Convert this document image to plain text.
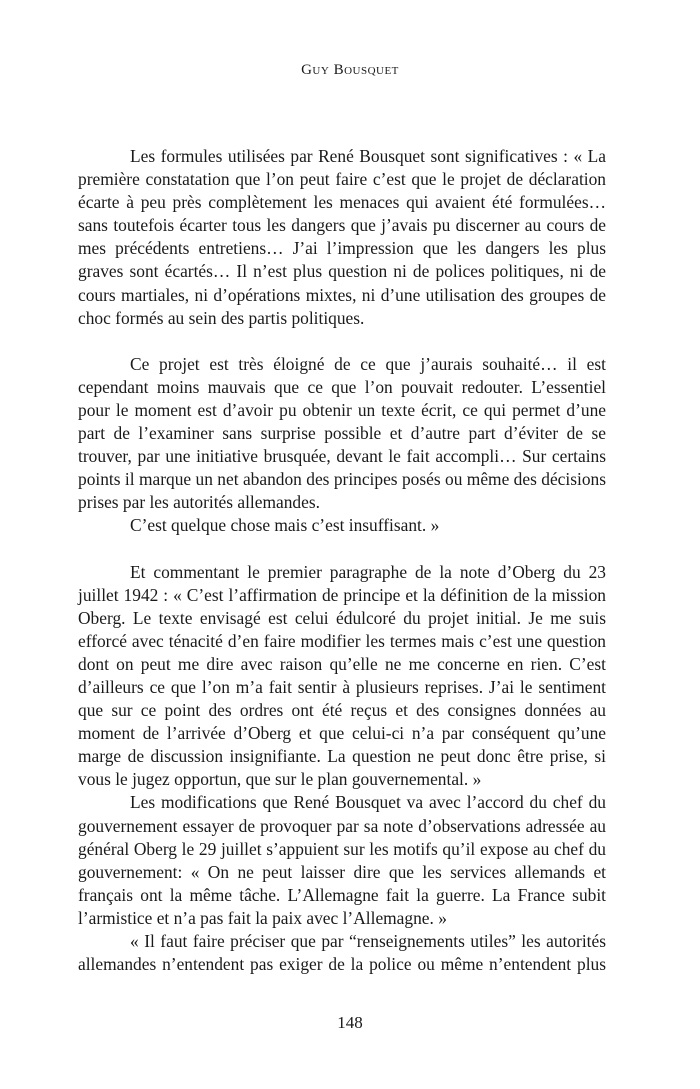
Guy Bousquet

Les formules utilisées par René Bousquet sont significatives : « La première constatation que l’on peut faire c’est que le projet de déclaration écarte à peu près complètement les menaces qui avaient été formulées… sans toutefois écarter tous les dangers que j’avais pu discerner au cours de mes précédents entretiens… J’ai l’impression que les dangers les plus graves sont écartés… Il n’est plus question ni de polices politiques, ni de cours martiales, ni d’opérations mixtes, ni d’une utilisation des groupes de choc formés au sein des partis politiques.

Ce projet est très éloigné de ce que j’aurais souhaité… il est cependant moins mauvais que ce que l’on pouvait redouter. L’essentiel pour le moment est d’avoir pu obtenir un texte écrit, ce qui permet d’une part de l’examiner sans surprise possible et d’autre part d’éviter de se trouver, par une initiative brusquée, devant le fait accompli… Sur certains points il marque un net abandon des principes posés ou même des décisions prises par les autorités allemandes.

C’est quelque chose mais c’est insuffisant. »

Et commentant le premier paragraphe de la note d’Oberg du 23 juillet 1942 : « C’est l’affirmation de principe et la définition de la mission Oberg. Le texte envisagé est celui édulcoré du projet initial. Je me suis efforcé avec ténacité d’en faire modifier les termes mais c’est une question dont on peut me dire avec raison qu’elle ne me concerne en rien. C’est d’ailleurs ce que l’on m’a fait sentir à plusieurs reprises. J’ai le sentiment que sur ce point des ordres ont été reçus et des consignes données au moment de l’arrivée d’Oberg et que celui-ci n’a par conséquent qu’une marge de discussion insignifiante. La question ne peut donc être prise, si vous le jugez opportun, que sur le plan gouvernemental. »

Les modifications que René Bousquet va avec l’accord du chef du gouvernement essayer de provoquer par sa note d’observations adressée au général Oberg le 29 juillet s’appuient sur les motifs qu’il expose au chef du gouvernement: « On ne peut laisser dire que les services allemands et français ont la même tâche. L’Allemagne fait la guerre. La France subit l’armistice et n’a pas fait la paix avec l’Allemagne. »

« Il faut faire préciser que par “renseignements utiles” les autorités allemandes n’entendent pas exiger de la police ou même n’entendent plus

148
